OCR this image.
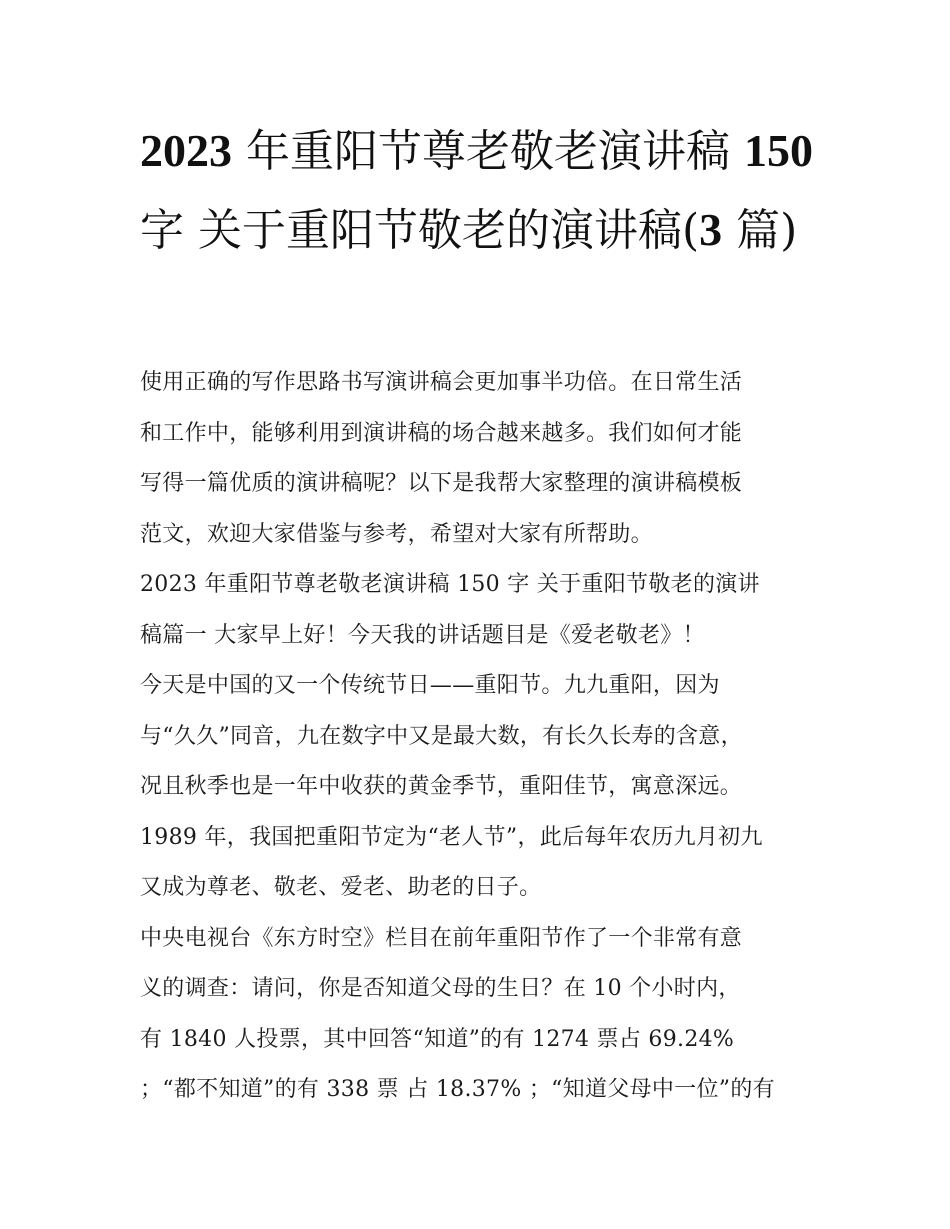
2023 年重阳节尊老敬老演讲稿 150 字 关于重阳节敬老的演讲稿(3 篇)
使用正确的写作思路书写演讲稿会更加事半功倍。在日常生活
和工作中，能够利用到演讲稿的场合越来越多。我们如何才能
写得一篇优质的演讲稿呢？以下是我帮大家整理的演讲稿模板
范文，欢迎大家借鉴与参考，希望对大家有所帮助。
2023 年重阳节尊老敬老演讲稿 150 字 关于重阳节敬老的演讲
稿篇一 大家早上好！今天我的讲话题目是《爱老敬老》！
今天是中国的又一个传统节日——重阳节。九九重阳，因为
与“久久”同音，九在数字中又是最大数，有长久长寿的含意，
况且秋季也是一年中收获的黄金季节，重阳佳节，寓意深远。
1989 年，我国把重阳节定为“老人节”，此后每年农历九月初九
又成为尊老、敬老、爱老、助老的日子。
中央电视台《东方时空》栏目在前年重阳节作了一个非常有意
义的调查：请问，你是否知道父母的生日？在 10 个小时内，
有 1840 人投票，其中回答“知道”的有 1274 票占 69.24%
；“都不知道”的有 338 票 占 18.37% ；“知道父母中一位”的有
